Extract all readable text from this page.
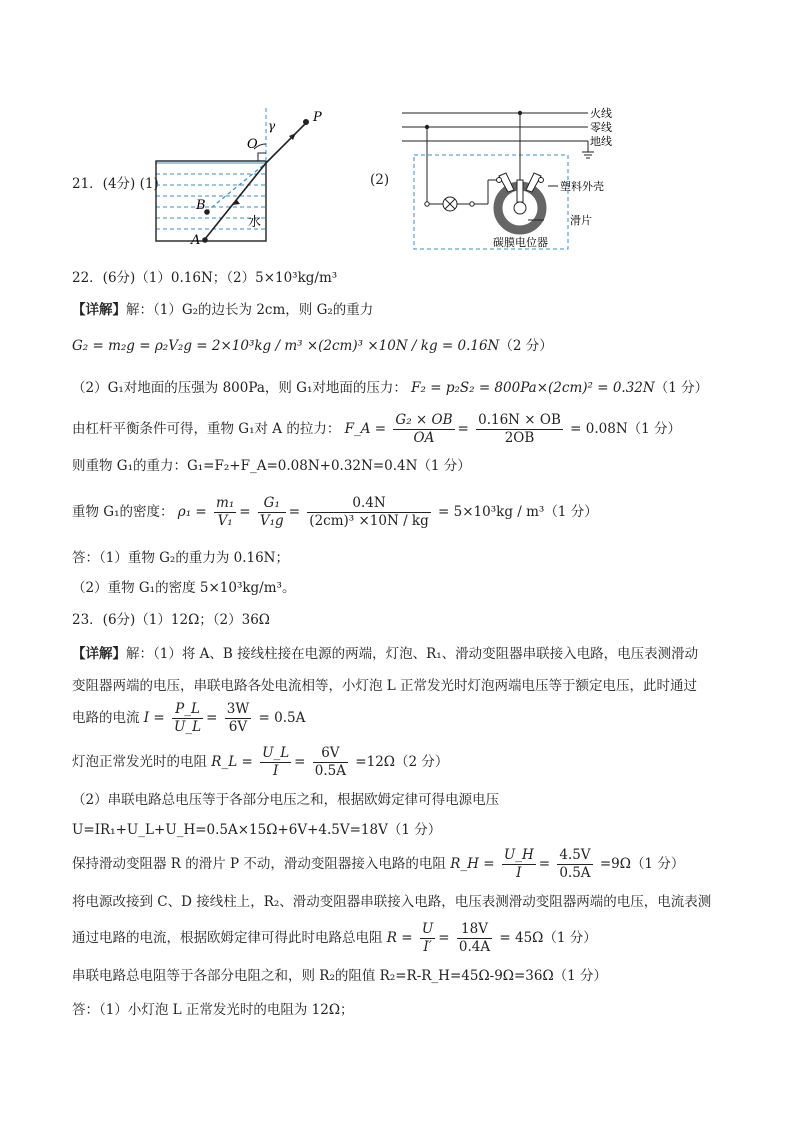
21．(4分) (1)
O
γ
P
B
A
水
(2)
火线
零线
地线
塑料外壳
滑片
碳膜电位器
22．(6分)（1）0.16N；（2）5×10³kg/m³
【详解】解：（1）G₂的边长为 2cm，则 G₂的重力
G₂ = m₂g = ρ₂V₂g = 2×10³kg / m³ ×(2cm)³ ×10N / kg = 0.16N（2 分）
（2）G₁对地面的压强为 800Pa，则 G₁对地面的压力： F₂ = p₂S₂ = 800Pa×(2cm)² = 0.32N（1 分）
由杠杆平衡条件可得，重物 G₁对 A 的拉力： F_A = $\frac{\text{G₂ × OB}}{OA} = \frac{0.16N \times OB}{2OB} = 0.08N(1$ 分）
则重物 G₁的重力：G₁=F₂+F_A=0.08N+0.32N=0.4N（1 分）
重物 G₁的密度： $\rho_1 = \frac{\text{m₁}}{\text{V₁}} = \frac{\text{G₁}}{\text{V₁g}} = \frac{0.4N}{\text{(2cm)³ ×10N / kg}} = 5\times 10^3kg / m^3(1$ 分）
答：（1）重物 G₂的重力为 0.16N；
（2）重物 G₁的密度 5×10³kg/m³。
23．(6分)（1）12Ω；（2）36Ω
【详解】解：（1）将 A、B 接线柱接在电源的两端，灯泡、R₁、滑动变阻器串联接入电路，电压表测滑动
变阻器两端的电压，串联电路各处电流相等，小灯泡 L 正常发光时灯泡两端电压等于额定电压，此时通过
电路的电流 $I = \frac{P\_L}{U\_L} = \frac{3W}{6V} = 0.5A$
灯泡正常发光时的电阻 R_L = $\frac{U\_L}{I} = \frac{6V}{0.5A} =12\Omega(2$ 分）
（2）串联电路总电压等于各部分电压之和，根据欧姆定律可得电源电压
U=IR₁+U_L+U_H=0.5A×15Ω+6V+4.5V=18V（1 分）
保持滑动变阻器 R 的滑片 P 不动，滑动变阻器接入电路的电阻 R_H = $\frac{U\_H}{I} = \frac{4.5V}{0.5A} =9\Omega(1$ 分）
将电源改接到 C、D 接线柱上，R₂、滑动变阻器串联接入电路，电压表测滑动变阻器两端的电压，电流表测
通过电路的电流，根据欧姆定律可得此时电路总电阻 $R = \frac{U}{I'} = \frac{18V}{0.4A} = 45\Omega(1$ 分）
串联电路总电阻等于各部分电阻之和，则 R₂的阻值 R₂=R-R_H=45Ω-9Ω=36Ω（1 分）
答：（1）小灯泡 L 正常发光时的电阻为 12Ω；
